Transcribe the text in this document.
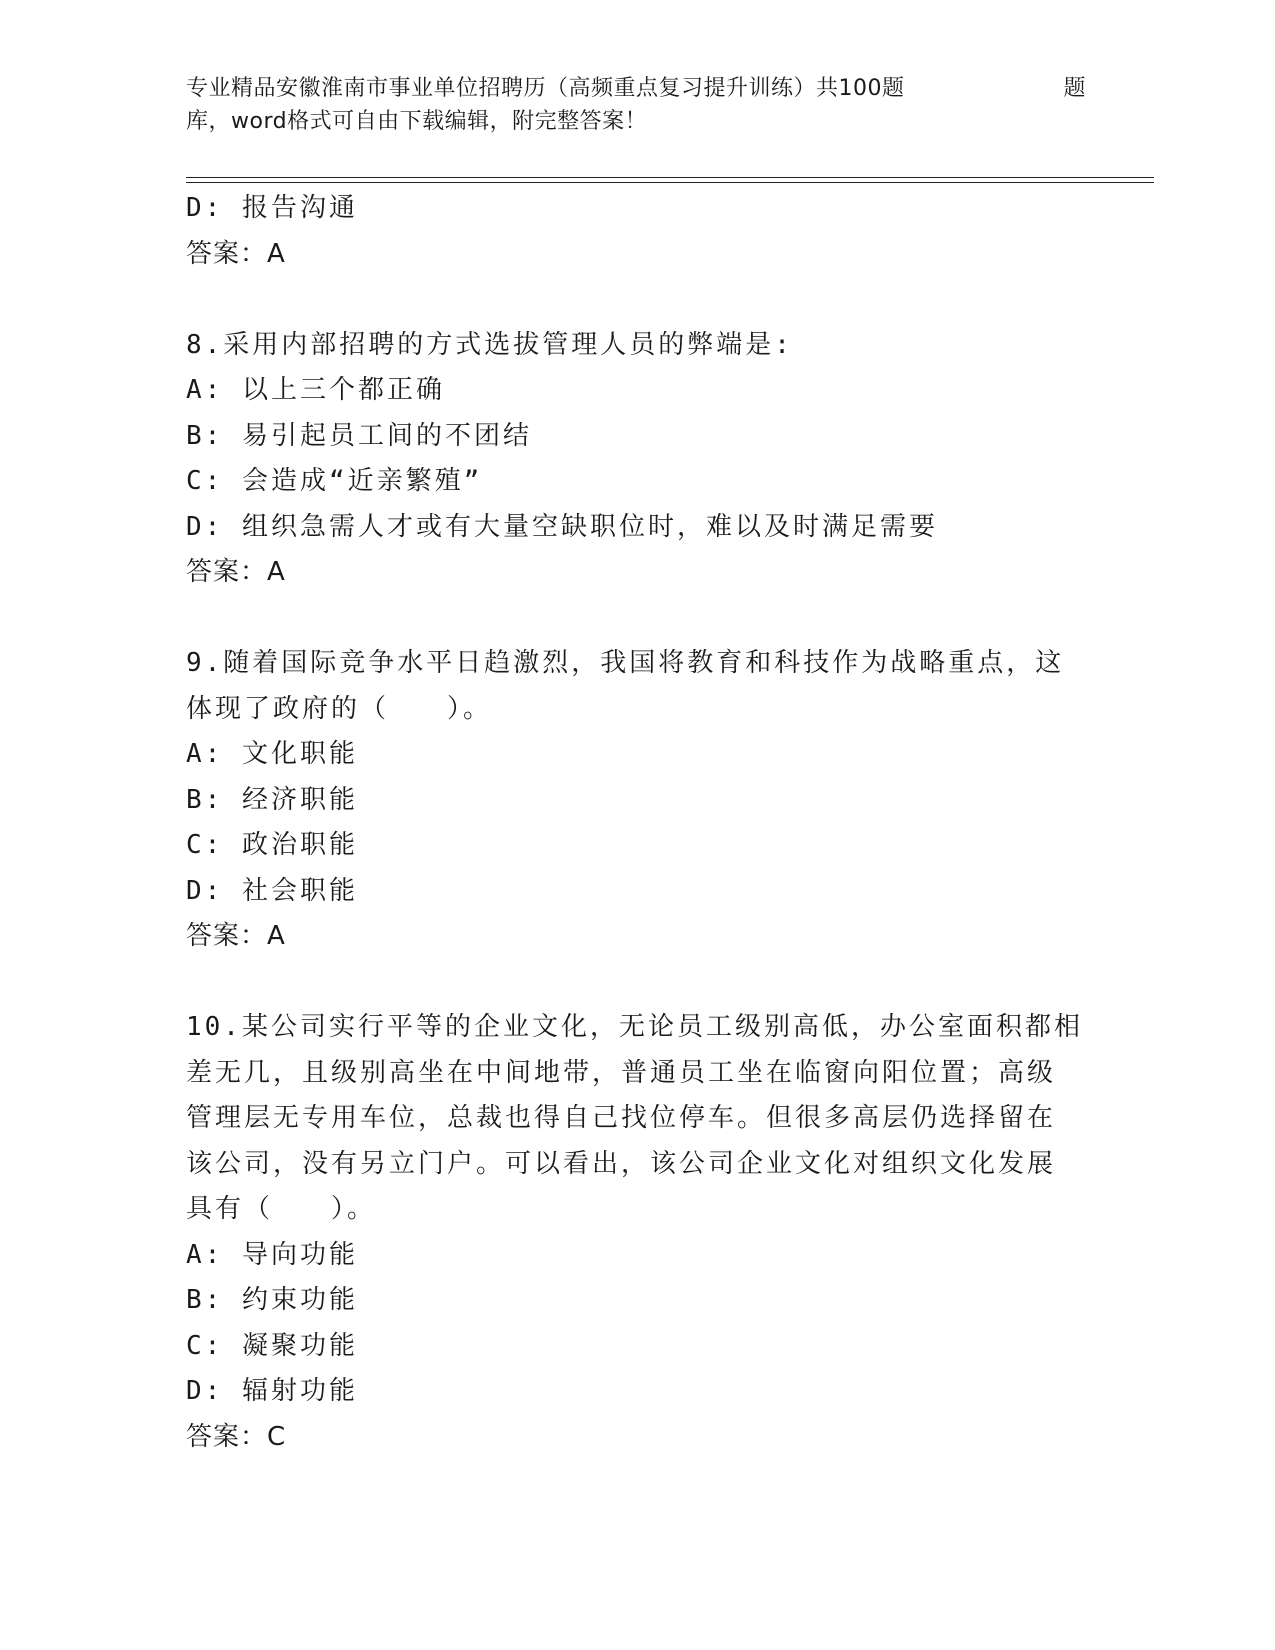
专业精品安徽淮南市事业单位招聘历（高频重点复习提升训练）共100题	题
库，word格式可自由下载编辑，附完整答案！
D: 报告沟通
答案：A
8.采用内部招聘的方式选拔管理人员的弊端是:
A: 以上三个都正确
B: 易引起员工间的不团结
C: 会造成“近亲繁殖”
D: 组织急需人才或有大量空缺职位时，难以及时满足需要
答案：A
9.随着国际竞争水平日趋激烈，我国将教育和科技作为战略重点，这
体现了政府的（　　）。
A: 文化职能
B: 经济职能
C: 政治职能
D: 社会职能
答案：A
10.某公司实行平等的企业文化，无论员工级别高低，办公室面积都相
差无几，且级别高坐在中间地带，普通员工坐在临窗向阳位置；高级
管理层无专用车位，总裁也得自己找位停车。但很多高层仍选择留在
该公司，没有另立门户。可以看出，该公司企业文化对组织文化发展
具有（　　）。
A: 导向功能
B: 约束功能
C: 凝聚功能
D: 辐射功能
答案：C
